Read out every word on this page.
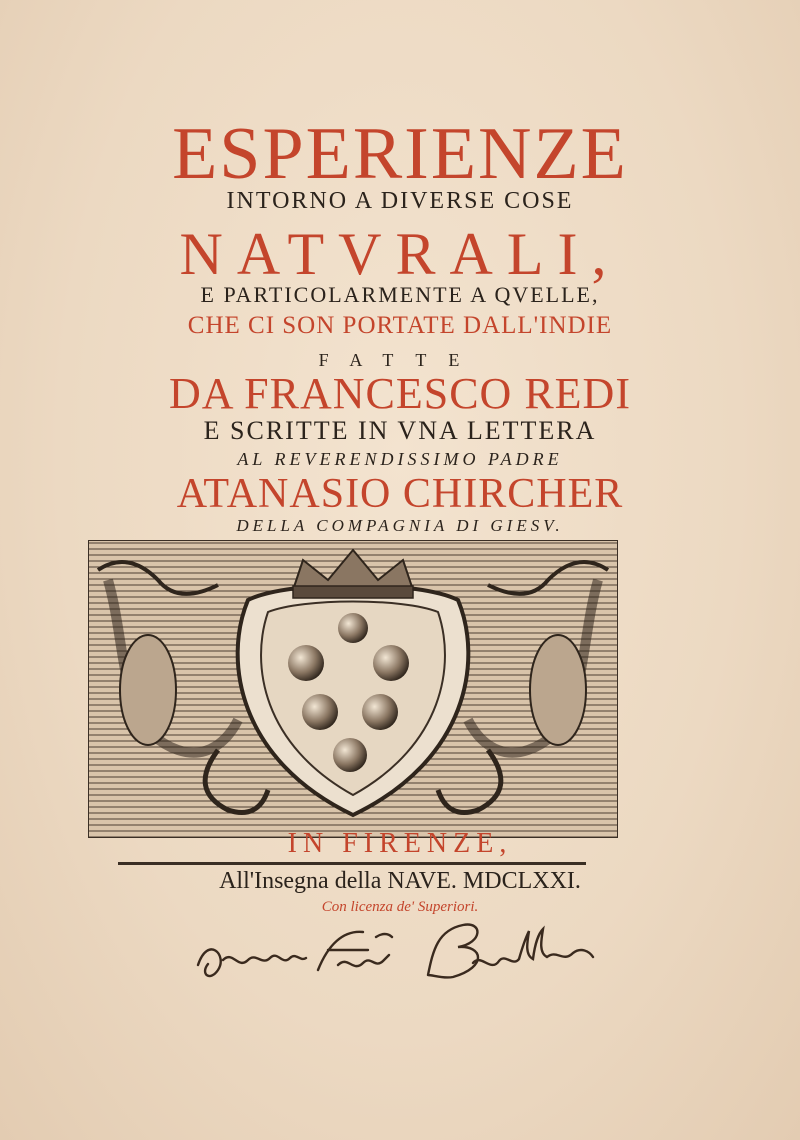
ESPERIENZE
INTORNO A DIVERSE COSE
NATVRALI,
E PARTICOLARMENTE A QVELLE,
CHE CI SON PORTATE DALL'INDIE
FATTE
DA FRANCESCO REDI
E SCRITTE IN VNA LETTERA
AL REVERENDISSIMO PADRE
ATANASIO CHIRCHER
DELLA COMPAGNIA DI GIESV.
IN FIRENZE,
All'Insegna della NAVE. MDCLXXI.
Con licenza de' Superiori.
